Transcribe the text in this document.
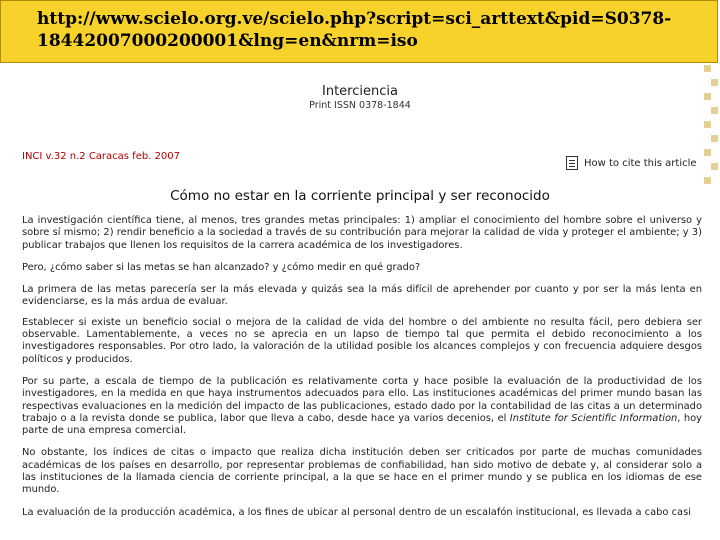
http://www.scielo.org.ve/scielo.php?script=sci_arttext&pid=S0378-18442007000200001&lng=en&nrm=iso
Interciencia
Print ISSN 0378-1844
INCI v.32 n.2 Caracas feb. 2007
How to cite this article
Cómo no estar en la corriente principal y ser reconocido

La investigación científica tiene, al menos, tres grandes metas principales: 1) ampliar el conocimiento del hombre sobre el universo y sobre sí mismo; 2) rendir beneficio a la sociedad a través de su contribución para mejorar la calidad de vida y proteger el ambiente; y 3) publicar trabajos que llenen los requisitos de la carrera académica de los investigadores.

Pero, ¿cómo saber si las metas se han alcanzado? y ¿cómo medir en qué grado?

La primera de las metas parecería ser la más elevada y quizás sea la más difícil de aprehender por cuanto y por ser la más lenta en evidenciarse, es la más ardua de evaluar.

Establecer si existe un beneficio social o mejora de la calidad de vida del hombre o del ambiente no resulta fácil, pero debiera ser observable. Lamentablemente, a veces no se aprecia en un lapso de tiempo tal que permita el debido reconocimiento a los investigadores responsables. Por otro lado, la valoración de la utilidad posible los alcances complejos y con frecuencia adquiere desgos políticos y producidos.

Por su parte, a escala de tiempo de la publicación es relativamente corta y hace posible la evaluación de la productividad de los investigadores, en la medida en que haya instrumentos adecuados para ello. Las instituciones académicas del primer mundo basan las respectivas evaluaciones en la medición del impacto de las publicaciones, estado dado por la contabilidad de las citas a un determinado trabajo o a la revista donde se publica, labor que lleva a cabo, desde hace ya varios decenios, el Institute for Scientific Information, hoy parte de una empresa comercial.

No obstante, los índices de citas o impacto que realiza dicha institución deben ser criticados por parte de muchas comunidades académicas de los países en desarrollo, por representar problemas de confiabilidad, han sido motivo de debate y, al considerar solo a las instituciones de la llamada ciencia de corriente principal, a la que se hace en el primer mundo y se publica en los idiomas de ese mundo.

La evaluación de la producción académica, a los fines de ubicar al personal dentro de un escalafón institucional, es llevada a cabo casi
